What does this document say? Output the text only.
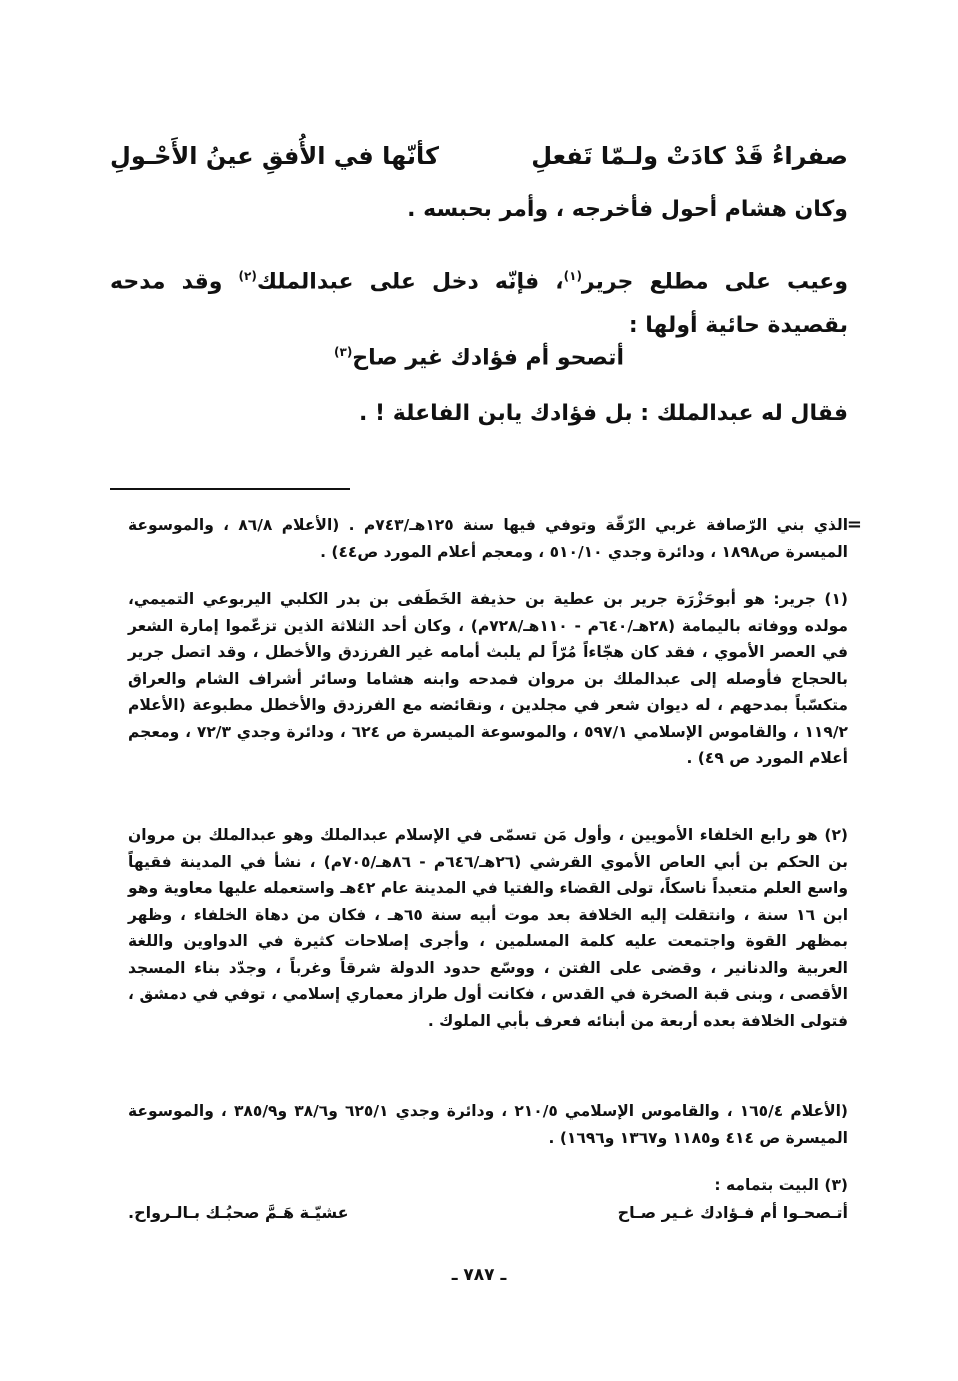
صفراءُ قَدْ كادَتْ ولـمّا تَفعلِ
كأنّها في الأُفقِ عينُ الأَحْـولِ
وكان هشام أحول فأخرجه ، وأمر بحبسه .
وعيب على مطلع جرير$^{(١)}$، فإنّه دخل على عبدالملك$^{(٢)}$ وقد مدحه بقصيدة حائية أولها :
أتصحو أم فؤادك غير صاح$^{(٣)}$
فقال له عبدالملك : بل فؤادك يابن الفاعلة ! .
=
الذي بني الرّصافة غربي الرّقّة وتوفي فيها سنة ١٢٥هـ/٧٤٣م . (الأعلام ٨٦/٨ ، والموسوعة الميسرة ص١٨٩٨ ، ودائرة وجدي ٥١٠/١٠ ، ومعجم أعلام المورد ص٤٤) .
(١) جرير: هو أبوحَزْرَة جرير بن عطية بن حذيفة الخَطَفى بن بدر الكلبي اليربوعي التميمي، مولده ووفاته باليمامة (٢٨هـ/٦٤٠م - ١١٠هـ/٧٢٨م) ، وكان أحد الثلاثة الذين تزعّموا إمارة الشعر في العصر الأموي ، فقد كان هجّاءاً مُرّاً لم يلبث أمامه غير الفرزدق والأخطل ، وقد اتصل جرير بالحجاج فأوصله إلى عبدالملك بن مروان فمدحه وابنه هشاما وسائر أشراف الشام والعراق متكسّباً بمدحهم ، له ديوان شعر في مجلدين ، ونقائضه مع الفرزدق والأخطل مطبوعة (الأعلام ١١٩/٢ ، والقاموس الإسلامي ٥٩٧/١ ، والموسوعة الميسرة ص ٦٢٤ ، ودائرة وجدي ٧٢/٣ ، ومعجم أعلام المورد ص ٤٩) .
(٢) هو رابع الخلفاء الأمويين ، وأول مَن تسمّى في الإسلام عبدالملك وهو عبدالملك بن مروان بن الحكم بن أبي العاص الأموي القرشي (٢٦هـ/٦٤٦م - ٨٦هـ/٧٠٥م) ، نشأ في المدينة فقيهاً واسع العلم متعبداً ناسكاً، تولى القضاء والفتيا في المدينة عام ٤٢هـ واستعمله عليها معاوية وهو ابن ١٦ سنة ، وانتقلت إليه الخلافة بعد موت أبيه سنة ٦٥هـ ، فكان من دهاة الخلفاء ، وظهر بمظهر القوة واجتمعت عليه كلمة المسلمين ، وأجرى إصلاحات كثيرة في الدواوين واللغة العربية والدنانير ، وقضى على الفتن ، ووسّع حدود الدولة شرقاً وغرباً ، وجدّد بناء المسجد الأقصى ، وبنى قبة الصخرة في القدس ، فكانت أول طراز معماري إسلامي ، توفي في دمشق ، فتولى الخلافة بعده أربعة من أبنائه فعرف بأبي الملوك .
(الأعلام ١٦٥/٤ ، والقاموس الإسلامي ٢١٠/٥ ، ودائرة وجدي ٦٢٥/١ و٣٨/٦ و٣٨٥/٩ ، والموسوعة الميسرة ص ٤١٤ و١١٨٥ و١٣٦٧ و١٦٩٦) .
(٣) البيت بتمامه :
أتـصحـوا أم فـؤادك غـير صـاح
عشيّـة هَـمَّ صحبُـك بـالـرواح.
ـ ٧٨٧ ـ
